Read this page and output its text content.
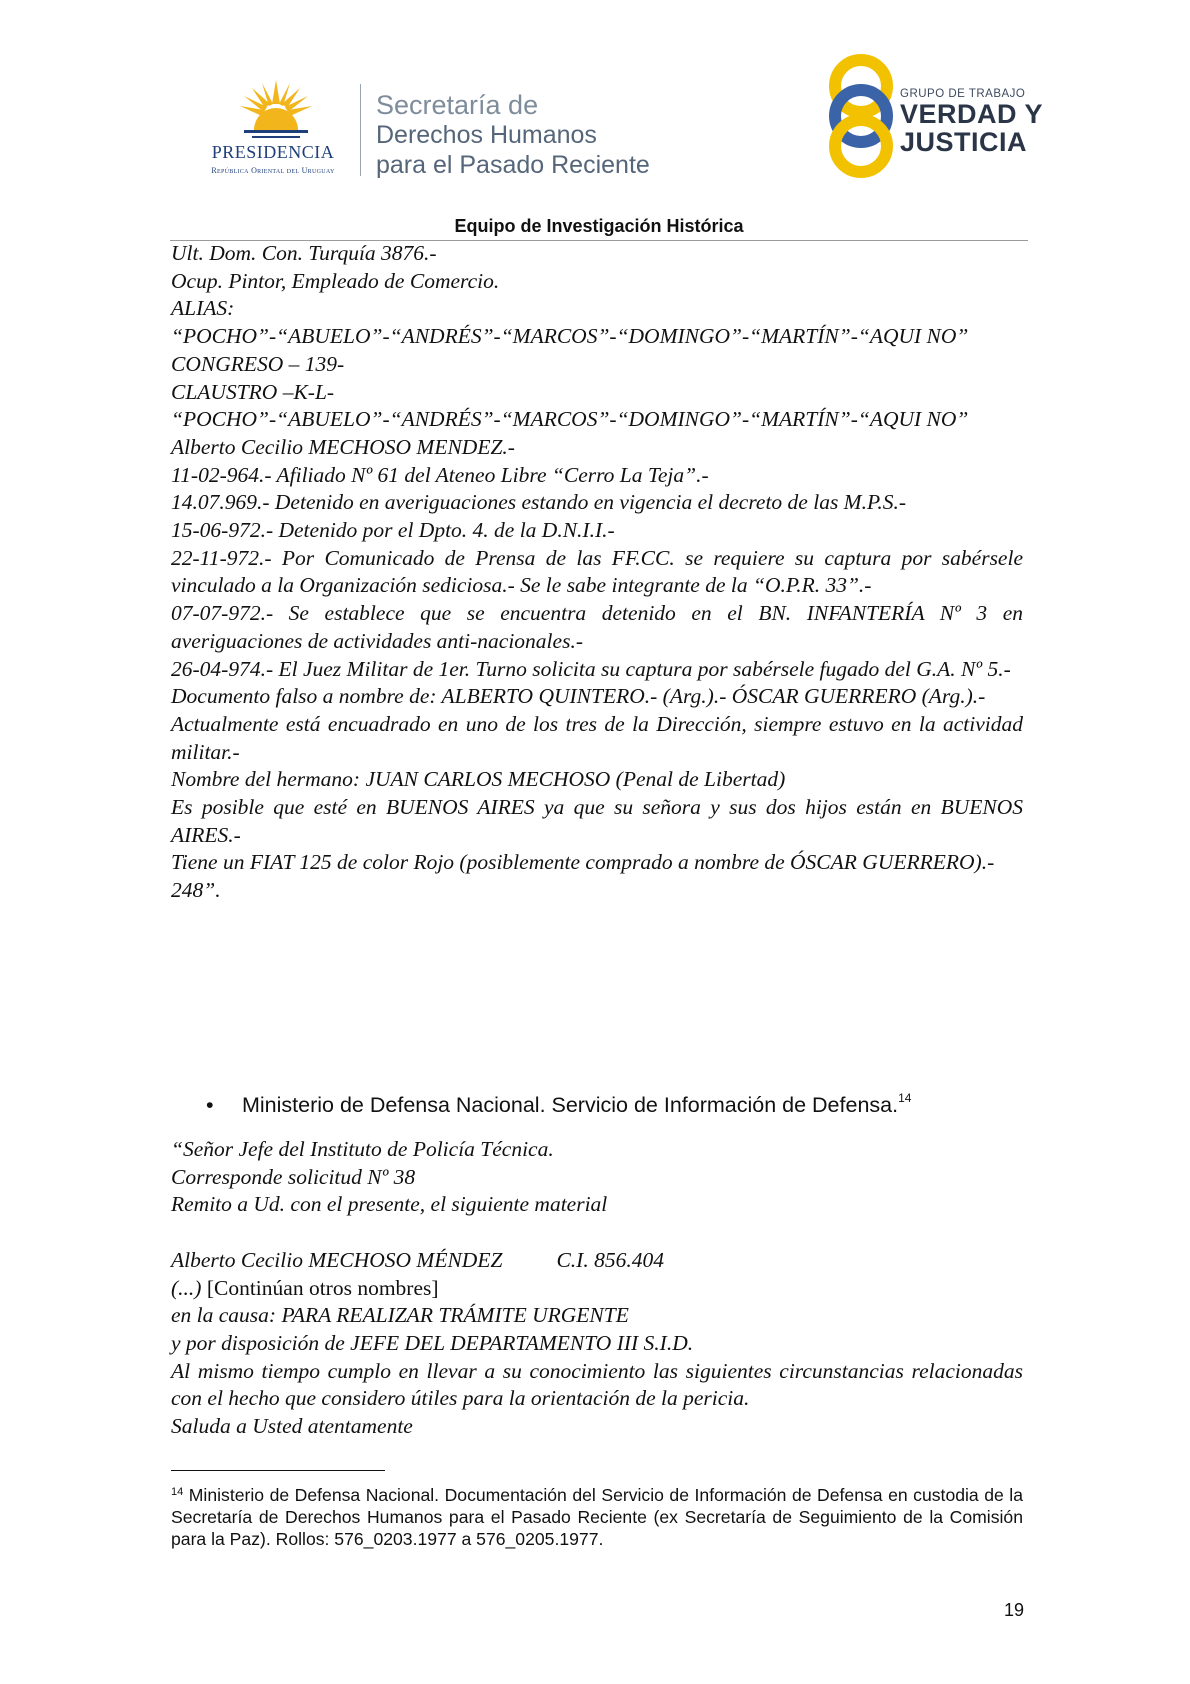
PRESIDENCIA
República Oriental del Uruguay
Secretaría de
Derechos Humanos
para el Pasado Reciente
GRUPO DE TRABAJO
VERDAD Y
JUSTICIA
Equipo de Investigación Histórica

Ult. Dom. Con. Turquía 3876.-

Ocup. Pintor, Empleado de Comercio.

ALIAS:

“POCHO”-“ABUELO”-“ANDRÉS”-“MARCOS”-“DOMINGO”-“MARTÍN”-“AQUI NO”

CONGRESO – 139-

CLAUSTRO –K-L-

“POCHO”-“ABUELO”-“ANDRÉS”-“MARCOS”-“DOMINGO”-“MARTÍN”-“AQUI NO”

Alberto Cecilio MECHOSO MENDEZ.-

11-02-964.- Afiliado Nº 61 del Ateneo Libre “Cerro La Teja”.-

14.07.969.- Detenido en averiguaciones estando en vigencia el decreto de las M.P.S.-

15-06-972.- Detenido por el Dpto. 4. de la D.N.I.I.-

22-11-972.- Por Comunicado de Prensa de las FF.CC. se requiere su captura por sabérsele vinculado a la Organización sediciosa.- Se le sabe integrante de la “O.P.R. 33”.-

07-07-972.- Se establece que se encuentra detenido en el BN. INFANTERÍA Nº 3 en averiguaciones de actividades anti-nacionales.-

26-04-974.- El Juez Militar de 1er. Turno solicita su captura por sabérsele fugado del G.A. Nº 5.-

Documento falso a nombre de: ALBERTO QUINTERO.- (Arg.).- ÓSCAR GUERRERO (Arg.).-

Actualmente está encuadrado en uno de los tres de la Dirección, siempre estuvo en la actividad militar.-

Nombre del hermano: JUAN CARLOS MECHOSO (Penal de Libertad)

Es posible que esté en BUENOS AIRES ya que su señora y sus dos hijos están en BUENOS AIRES.-

Tiene un FIAT 125 de color Rojo (posiblemente comprado a nombre de ÓSCAR GUERRERO).-

248”.

• Ministerio de Defensa Nacional. Servicio de Información de Defensa.$^{14}$

“Señor Jefe del Instituto de Policía Técnica.

Corresponde solicitud Nº 38

Remito a Ud. con el presente, el siguiente material

Alberto Cecilio MECHOSO MÉNDEZ	C.I. 856.404

(...) [Continúan otros nombres]

en la causa: PARA REALIZAR TRÁMITE URGENTE

y por disposición de JEFE DEL DEPARTAMENTO III S.I.D.

Al mismo tiempo cumplo en llevar a su conocimiento las siguientes circunstancias relacionadas con el hecho que considero útiles para la orientación de la pericia.

Saluda a Usted atentamente

$^{14}$ Ministerio de Defensa Nacional. Documentación del Servicio de Información de Defensa en custodia de la Secretaría de Derechos Humanos para el Pasado Reciente (ex Secretaría de Seguimiento de la Comisión para la Paz). Rollos: 576_0203.1977 a 576_0205.1977.
19
